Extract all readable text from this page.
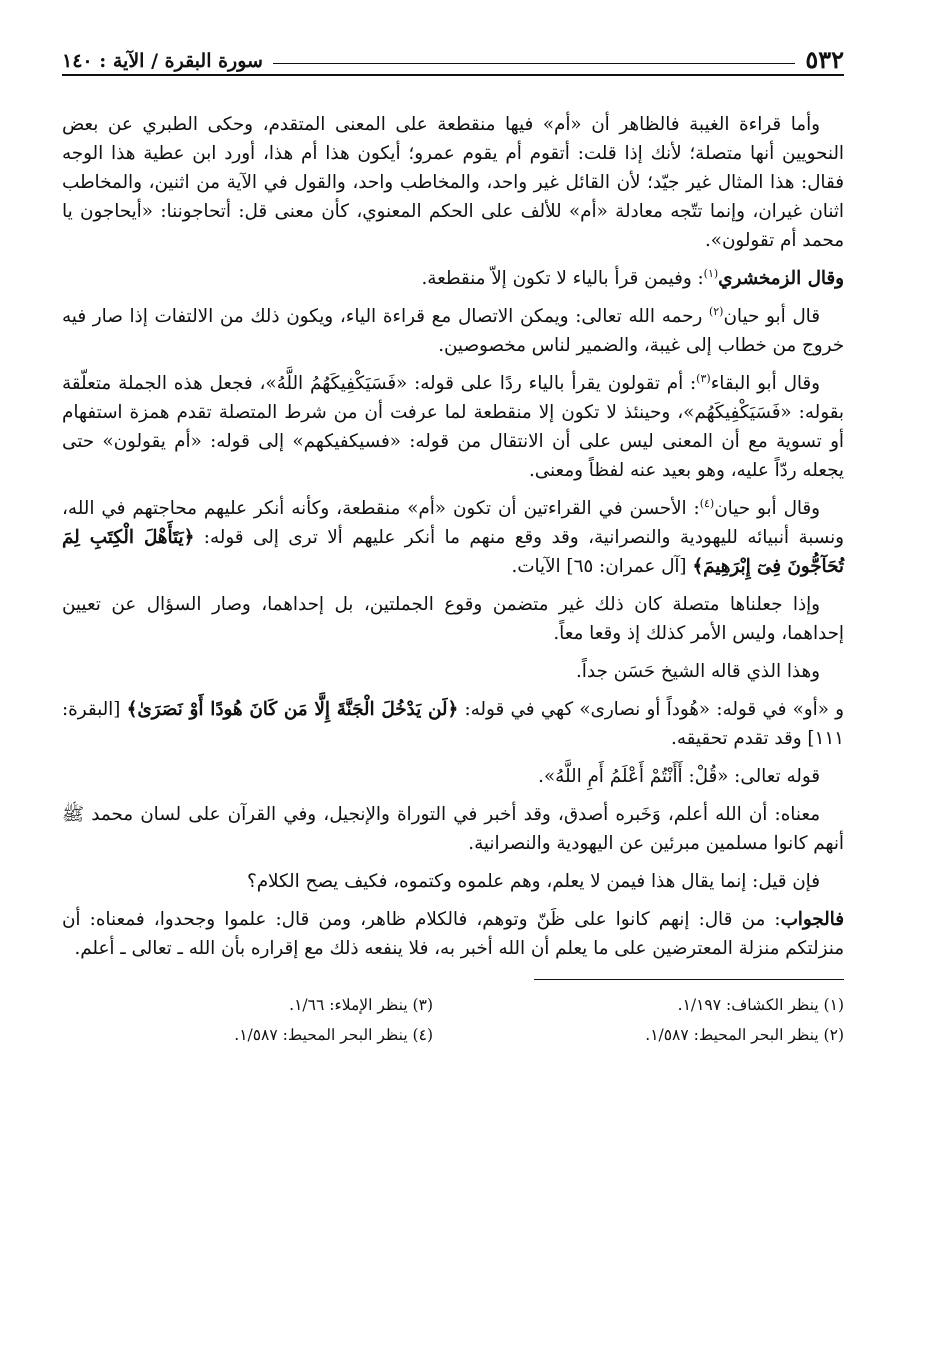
٥٣٢
سورة البقرة / الآية : ١٤٠

وأما قراءة الغيبة فالظاهر أن «أم» فيها منقطعة على المعنى المتقدم، وحكى الطبري عن بعض النحويين أنها متصلة؛ لأنك إذا قلت: أتقوم أم يقوم عمرو؛ أيكون هذا أم هذا، أورد ابن عطية هذا الوجه فقال: هذا المثال غير جيّد؛ لأن القائل غير واحد، والمخاطب واحد، والقول في الآية من اثنين، والمخاطب اثنان غيران، وإنما تتّجه معادلة «أم» للألف على الحكم المعنوي، كأن معنى قل: أتحاجوننا: «أيحاجون يا محمد أم تقولون».

وقال الزمخشري$^{(١)}$: وفيمن قرأ بالياء لا تكون إلاّ منقطعة.

قال أبو حيان$^{(٢)}$ رحمه الله تعالى: ويمكن الاتصال مع قراءة الياء، ويكون ذلك من الالتفات إذا صار فيه خروج من خطاب إلى غيبة، والضمير لناس مخصوصين.

وقال أبو البقاء$^{(٣)}$: أم تقولون يقرأ بالياء ردًا على قوله: «فَسَيَكْفِيكَهُمُ اللَّهُ»، فجعل هذه الجملة متعلّقة بقوله: «فَسَيَكْفِيكَهُم»، وحينئذ لا تكون إلا منقطعة لما عرفت أن من شرط المتصلة تقدم همزة استفهام أو تسوية مع أن المعنى ليس على أن الانتقال من قوله: «فسيكفيكهم» إلى قوله: «أم يقولون» حتى يجعله ردّاً عليه، وهو بعيد عنه لفظاً ومعنى.

وقال أبو حيان$^{(٤)}$: الأحسن في القراءتين أن تكون «أم» منقطعة، وكأنه أنكر عليهم محاجتهم في الله، ونسبة أنبيائه لليهودية والنصرانية، وقد وقع منهم ما أنكر عليهم ألا ترى إلى قوله: ﴿يَتَأَهْلَ الْكِتَبِ لِمَ تُحَآجُّونَ فِىٓ إِبْرَهِيمَ﴾ [آل عمران: ٦٥] الآيات.

وإذا جعلناها متصلة كان ذلك غير متضمن وقوع الجملتين، بل إحداهما، وصار السؤال عن تعيين إحداهما، وليس الأمر كذلك إذ وقعا معاً.

وهذا الذي قاله الشيخ حَسَن جداً.

و «أو» في قوله: «هُوداً أو نصارى» كهي في قوله: ﴿لَن يَدْخُلَ الْجَنَّةَ إِلَّا مَن كَانَ هُودًا أَوْ نَصَرَىٰ﴾ [البقرة: ١١١] وقد تقدم تحقيقه.

قوله تعالى: «قُلْ: أَأَنْتُمْ أَعْلَمُ أَمِ اللَّهُ».

معناه: أن الله أعلم، وَخَبره أصدق، وقد أخبر في التوراة والإنجيل، وفي القرآن على لسان محمد ﷺ أنهم كانوا مسلمين مبرئين عن اليهودية والنصرانية.

فإن قيل: إنما يقال هذا فيمن لا يعلم، وهم علموه وكتموه، فكيف يصح الكلام؟

فالجواب: من قال: إنهم كانوا على ظَنّ وتوهم، فالكلام ظاهر، ومن قال: علموا وجحدوا، فمعناه: أن منزلتكم منزلة المعترضين على ما يعلم أن الله أخبر به، فلا ينفعه ذلك مع إقراره بأن الله ـ تعالى ـ أعلم.

(١) ينظر الكشاف: ١/١٩٧.
(٣) ينظر الإملاء: ١/٦٦.
(٢) ينظر البحر المحيط: ١/٥٨٧.
(٤) ينظر البحر المحيط: ١/٥٨٧.
